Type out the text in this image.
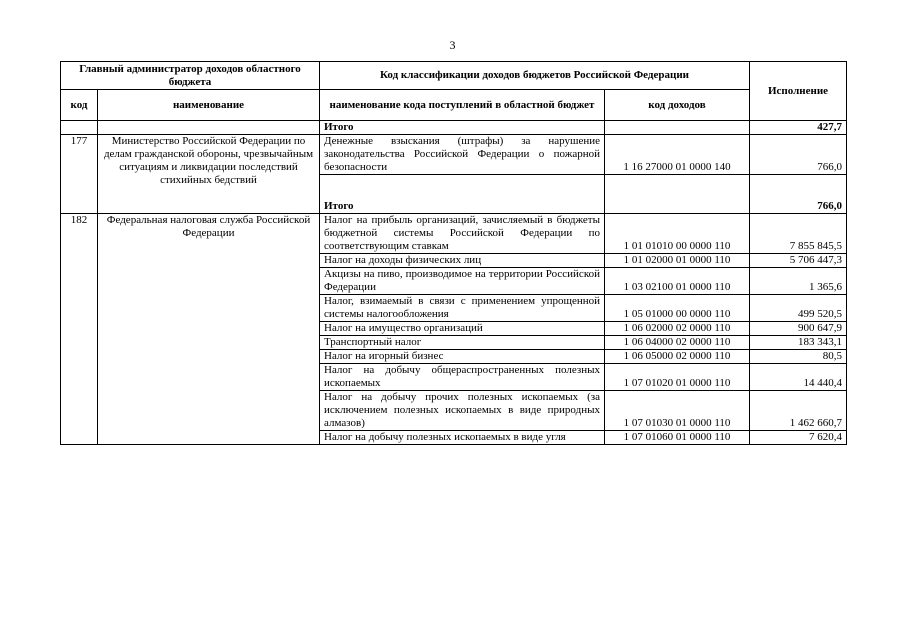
3
Главный администратор доходов областного бюджета		Код классификации доходов бюджетов Российской Федерации		Исполнение
код	наименование	наименование кода поступлений в областной бюджет	код доходов	
		Итого		427,7
177	Министерство Российской Федерации по делам гражданской обороны, чрезвычайным ситуациям и ликвидации последствий стихийных бедствий	Денежные взыскания (штрафы) за нарушение законодательства Российской Федерации о пожарной безопасности	1 16 27000 01 0000 140	766,0
		Итого		766,0
182	Федеральная налоговая служба Российской Федерации	Налог на прибыль организаций, зачисляемый в бюджеты бюджетной системы Российской Федерации по соответствующим ставкам	1 01 01010 00 0000 110	7 855 845,5
		Налог на доходы физических лиц	1 01 02000 01 0000 110	5 706 447,3
		Акцизы на пиво, производимое на территории Российской Федерации	1 03 02100 01 0000 110	1 365,6
		Налог, взимаемый в связи с применением упрощенной системы налогообложения	1 05 01000 00 0000 110	499 520,5
		Налог на имущество организаций	1 06 02000 02 0000 110	900 647,9
		Транспортный налог	1 06 04000 02 0000 110	183 343,1
		Налог на игорный бизнес	1 06 05000 02 0000 110	80,5
		Налог на добычу общераспространенных полезных ископаемых	1 07 01020 01 0000 110	14 440,4
		Налог на добычу прочих полезных ископаемых (за исключением полезных ископаемых в виде природных алмазов)	1 07 01030 01 0000 110	1 462 660,7
		Налог на добычу полезных ископаемых в виде угля	1 07 01060 01 0000 110	7 620,4
